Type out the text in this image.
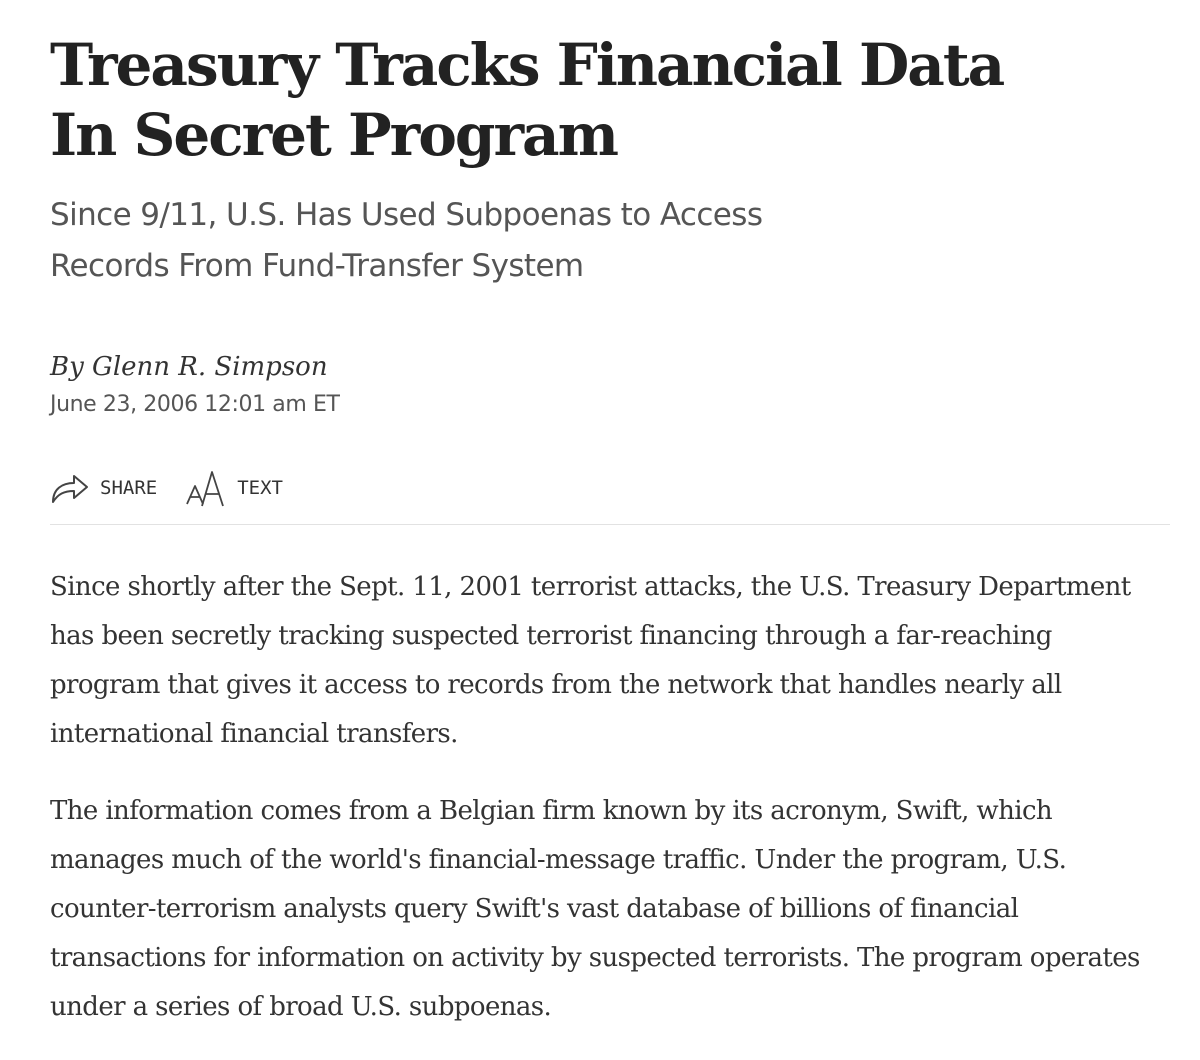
Treasury Tracks Financial Data In Secret Program
Since 9/11, U.S. Has Used Subpoenas to Access Records From Fund-Transfer System
By Glenn R. Simpson
June 23, 2006 12:01 am ET
SHARE	TEXT

Since shortly after the Sept. 11, 2001 terrorist attacks, the U.S. Treasury Department has been secretly tracking suspected terrorist financing through a far-reaching program that gives it access to records from the network that handles nearly all international financial transfers.

The information comes from a Belgian firm known by its acronym, Swift, which manages much of the world's financial-message traffic. Under the program, U.S. counter-terrorism analysts query Swift's vast database of billions of financial transactions for information on activity by suspected terrorists. The program operates under a series of broad U.S. subpoenas.
